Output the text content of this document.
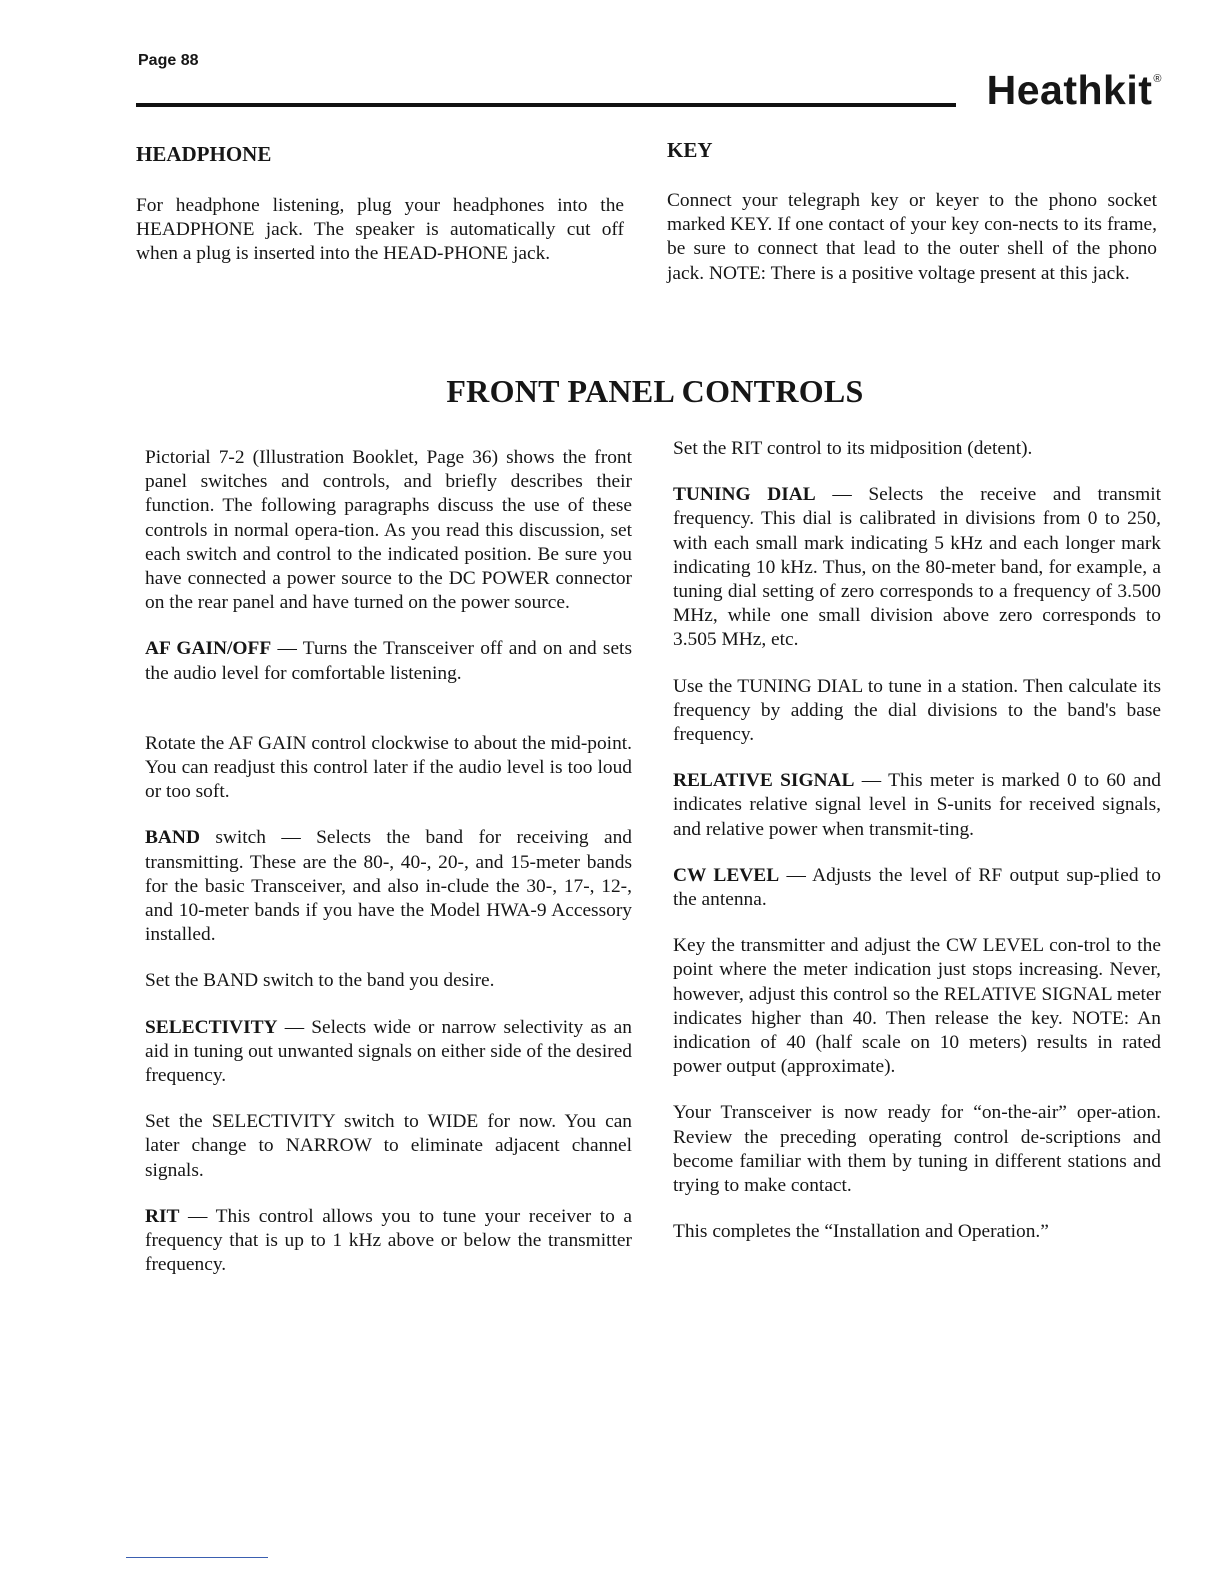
Page 88
Heathkit®
HEADPHONE

For headphone listening, plug your headphones into the HEADPHONE jack. The speaker is automatically cut off when a plug is inserted into the HEAD-PHONE jack.

KEY

Connect your telegraph key or keyer to the phono socket marked KEY. If one contact of your key con-nects to its frame, be sure to connect that lead to the outer shell of the phono jack. NOTE: There is a positive voltage present at this jack.

FRONT PANEL CONTROLS

Pictorial 7-2 (Illustration Booklet, Page 36) shows the front panel switches and controls, and briefly describes their function. The following paragraphs discuss the use of these controls in normal opera-tion. As you read this discussion, set each switch and control to the indicated position. Be sure you have connected a power source to the DC POWER connector on the rear panel and have turned on the power source.

AF GAIN/OFF — Turns the Transceiver off and on and sets the audio level for comfortable listening.

Rotate the AF GAIN control clockwise to about the mid-point. You can readjust this control later if the audio level is too loud or too soft.

BAND switch — Selects the band for receiving and transmitting. These are the 80-, 40-, 20-, and 15-meter bands for the basic Transceiver, and also in-clude the 30-, 17-, 12-, and 10-meter bands if you have the Model HWA-9 Accessory installed.

Set the BAND switch to the band you desire.

SELECTIVITY — Selects wide or narrow selectivity as an aid in tuning out unwanted signals on either side of the desired frequency.

Set the SELECTIVITY switch to WIDE for now. You can later change to NARROW to eliminate adjacent channel signals.

RIT — This control allows you to tune your receiver to a frequency that is up to 1 kHz above or below the transmitter frequency.

Set the RIT control to its midposition (detent).

TUNING DIAL — Selects the receive and transmit frequency. This dial is calibrated in divisions from 0 to 250, with each small mark indicating 5 kHz and each longer mark indicating 10 kHz. Thus, on the 80-meter band, for example, a tuning dial setting of zero corresponds to a frequency of 3.500 MHz, while one small division above zero corresponds to 3.505 MHz, etc.

Use the TUNING DIAL to tune in a station. Then calculate its frequency by adding the dial divisions to the band's base frequency.

RELATIVE SIGNAL — This meter is marked 0 to 60 and indicates relative signal level in S-units for received signals, and relative power when transmit-ting.

CW LEVEL — Adjusts the level of RF output sup-plied to the antenna.

Key the transmitter and adjust the CW LEVEL con-trol to the point where the meter indication just stops increasing. Never, however, adjust this control so the RELATIVE SIGNAL meter indicates higher than 40. Then release the key. NOTE: An indication of 40 (half scale on 10 meters) results in rated power output (approximate).

Your Transceiver is now ready for “on-the-air” oper-ation. Review the preceding operating control de-scriptions and become familiar with them by tuning in different stations and trying to make contact.

This completes the “Installation and Operation.”
